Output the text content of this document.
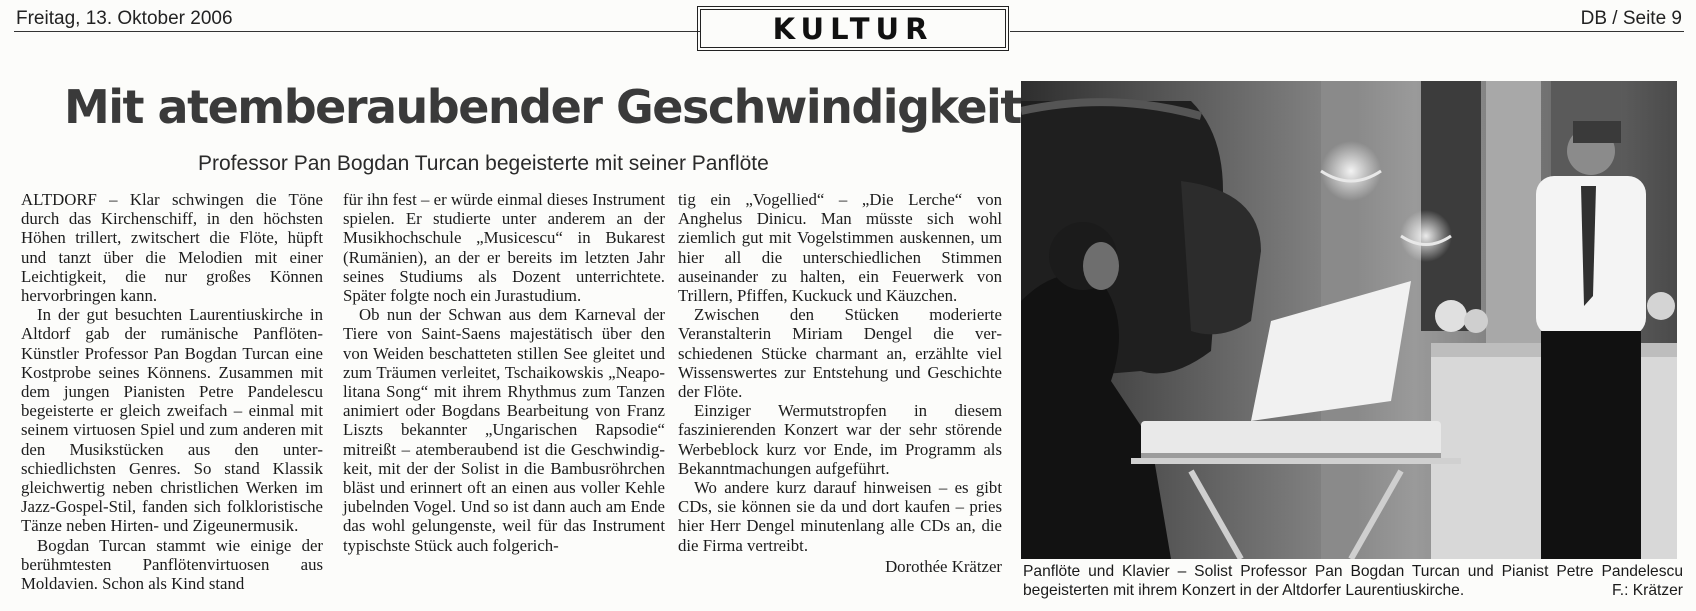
Freitag, 13. Oktober 2006	KULTUR	DB / Seite 9
Mit atemberaubender Geschwindigkeit
Professor Pan Bogdan Turcan begeisterte mit seiner Panflöte

ALTDORF – Klar schwingen die Töne durch das Kirchenschiff, in den höchsten Höhen trillert, zwitschert die Flöte, hüpft und tanzt über die Melodien mit einer Leichtigkeit, die nur großes Können hervorbringen kann.

In der gut besuchten Laurentiuskirche in Altdorf gab der rumänische Panflöten-Künstler Professor Pan Bogdan Turcan eine Kostprobe seines Könnens. Zusammen mit dem jungen Pianisten Petre Pandelescu begeisterte er gleich zweifach – einmal mit seinem virtuosen Spiel und zum anderen mit den Musikstücken aus den unterschiedlichsten Genres. So stand Klassik gleichwertig neben christlichen Werken im Jazz-Gospel-Stil, fanden sich folkloristische Tänze neben Hirten- und Zigeunermusik.

Bogdan Turcan stammt wie einige der berühmtesten Panflötenvirtuosen aus Moldavien. Schon als Kind stand

für ihn fest – er würde einmal dieses Instrument spielen. Er studierte unter anderem an der Musikhochschule „Musicescu“ in Bukarest (Rumänien), an der er bereits im letzten Jahr seines Studiums als Dozent unterrichtete. Später folgte noch ein Jurastudium.

Ob nun der Schwan aus dem Karneval der Tiere von Saint-Saens majestätisch über den von Weiden beschatteten stillen See gleitet und zum Träumen verleitet, Tschaikowskis „Neapolitana Song“ mit ihrem Rhythmus zum Tanzen animiert oder Bogdans Bearbeitung von Franz Liszts bekannter „Ungarischen Rapsodie“ mitreißt – atemberaubend ist die Geschwindigkeit, mit der der Solist in die Bambusröhrchen bläst und erinnert oft an einen aus voller Kehle jubelnden Vogel. Und so ist dann auch am Ende das wohl gelungenste, weil für das Instrument typischste Stück auch folgerich-

tig ein „Vogellied“ – „Die Lerche“ von Anghelus Dinicu. Man müsste sich wohl ziemlich gut mit Vogelstimmen auskennen, um hier all die unterschiedlichen Stimmen auseinander zu halten, ein Feuerwerk von Trillern, Pfiffen, Kuckuck und Käuzchen.

Zwischen den Stücken moderierte Veranstalterin Miriam Dengel die verschiedenen Stücke charmant an, erzählte viel Wissenswertes zur Entstehung und Geschichte der Flöte.

Einziger Wermutstropfen in diesem faszinierenden Konzert war der sehr störende Werbeblock kurz vor Ende, im Programm als Bekanntmachungen aufgeführt.

Wo andere kurz darauf hinweisen – es gibt CDs, sie können sie da und dort kaufen – pries hier Herr Dengel minutenlang alle CDs an, die die Firma vertreibt.

Dorothée Krätzer Panflöte und Klavier – Solist Professor Pan Bogdan Turcan und Pianist Petre Pandelescu begeisterten mit ihrem Konzert in der Altdorfer Laurentiuskirche.	F.: Krätzer
